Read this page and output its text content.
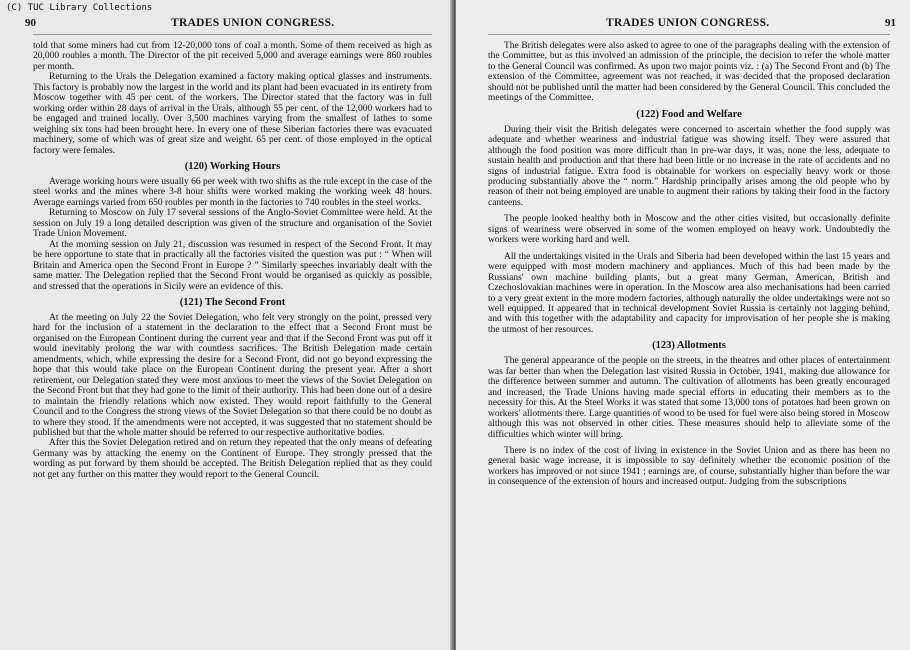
(C) TUC Library Collections
90	TRADES UNION CONGRESS.

told that some miners had cut from 12-20,000 tons of coal a month. Some of them received as high as 20,000 roubles a month. The Director of the pit received 5,000 and average earnings were 860 roubles per month.

Returning to the Urals the Delegation examined a factory making optical glasses and instruments. This factory is probably now the largest in the world and its plant had been evacuated in its entirety from Moscow together with 45 per cent. of the workers. The Director stated that the factory was in full working order within 28 days of arrival in the Urals, although 55 per cent. of the 12,000 workers had to be engaged and trained locally. Over 3,500 machines varying from the smallest of lathes to some weighing six tons had been brought here. In every one of these Siberian factories there was evacuated machinery, some of which was of great size and weight. 65 per cent. of those employed in the optical factory were females.

(120) Working Hours

Average working hours were usually 66 per week with two shifts as the rule except in the case of the steel works and the mines where 3-8 hour shifts were worked making the working week 48 hours. Average earnings varied from 650 roubles per month in the factories to 740 roubles in the steel works.

Returning to Moscow on July 17 several sessions of the Anglo-Soviet Committee were held. At the session on July 19 a long detailed description was given of the structure and organisation of the Soviet Trade Union Movement.

At the morning session on July 21, discussion was resumed in respect of the Second Front. It may be here opportune to state that in practically all the factories visited the question was put : “ When will Britain and America open the Second Front in Europe ? ” Similarly speeches invariably dealt with the same matter. The Delegation replied that the Second Front would be organised as quickly as possible, and stressed that the operations in Sicily were an evidence of this.

(121) The Second Front

At the meeting on July 22 the Soviet Delegation, who felt very strongly on the point, pressed very hard for the inclusion of a statement in the declaration to the effect that a Second Front must be organised on the European Continent during the current year and that if the Second Front was put off it would inevitably prolong the war with countless sacrifices. The British Delegation made certain amendments, which, while expressing the desire for a Second Front, did not go beyond expressing the hope that this would take place on the European Continent during the present year. After a short retirement, our Delegation stated they were most anxious to meet the views of the Soviet Delegation on the Second Front but that they had gone to the limit of their authority. This had been done out of a desire to maintain the friendly relations which now existed. They would report faithfully to the General Council and to the Congress the strong views of the Soviet Delegation so that there could be no doubt as to where they stood. If the amendments were not accepted, it was suggested that no statement should be published but that the whole matter should be referred to our respective authoritative bodies.

After this the Soviet Delegation retired and on return they repeated that the only means of defeating Germany was by attacking the enemy on the Continent of Europe. They strongly pressed that the wording as put forward by them should be accepted. The British Delegation replied that as they could not get any further on this matter they would report to the General Council.

TRADES UNION CONGRESS.	91

The British delegates were also asked to agree to one of the paragraphs dealing with the extension of the Committee, but as this involved an admission of the principle, the decision to refer the whole matter to the General Council was confirmed. As upon two major points viz. : (a) The Second Front and (b) The extension of the Committee, agreement was not reached, it was decided that the proposed declaration should not be published until the matter had been considered by the General Council. This concluded the meetings of the Committee.

(122) Food and Welfare

During their visit the British delegates were concerned to ascertain whether the food supply was adequate and whether weariness and industrial fatigue was showing itself. They were assured that although the food position was more difficult than in pre-war days, it was, none the less, adequate to sustain health and production and that there had been little or no increase in the rate of accidents and no signs of industrial fatigue. Extra food is obtainable for workers on especially heavy work or those producing substantially above the “ norm.” Hardship principally arises among the old people who by reason of their not being employed are unable to augment their rations by taking their food in the factory canteens.

The people looked healthy both in Moscow and the other cities visited, but occasionally definite signs of weariness were observed in some of the women employed on heavy work. Undoubtedly the workers were working hard and well.

All the undertakings visited in the Urals and Siberia had been developed within the last 15 years and were equipped with most modern machinery and appliances. Much of this had been made by the Russians' own machine building plants, but a great many German, American, British and Czechoslovakian machines were in operation. In the Moscow area also mechanisations had been carried to a very great extent in the more modern factories, although naturally the older undertakings were not so well equipped. It appeared that in technical development Soviet Russia is certainly not lagging behind, and with this together with the adaptability and capacity for improvisation of her people she is making the utmost of her resources.

(123) Allotments

The general appearance of the people on the streets, in the theatres and other places of entertainment was far better than when the Delegation last visited Russia in October, 1941, making due allowance for the difference between summer and autumn. The cultivation of allotments has been greatly encouraged and increased, the Trade Unions having made special efforts in educating their members as to the necessity for this. At the Steel Works it was stated that some 13,000 tons of potatoes had been grown on workers' allotments there. Large quantities of wood to be used for fuel were also being stored in Moscow although this was not observed in other cities. These measures should help to alleviate some of the difficulties which winter will bring.

There is no index of the cost of living in existence in the Soviet Union and as there has been no general basic wage increase, it is impossible to say definitely whether the economic position of the workers has improved or not since 1941 ; earnings are, of course, substantially higher than before the war in consequence of the extension of hours and increased output. Judging from the subscriptions
